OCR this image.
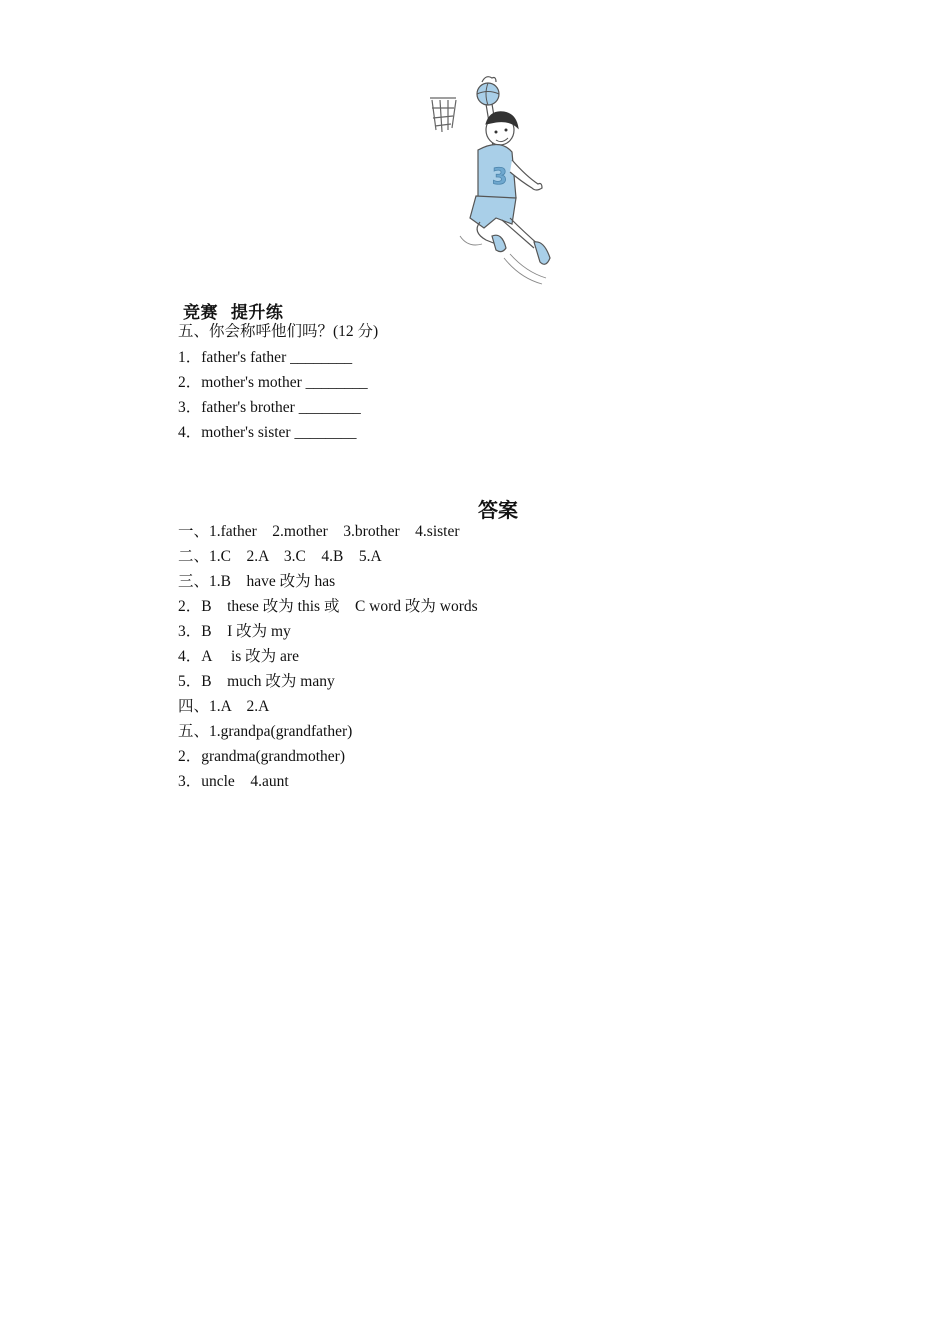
3
竞赛  提升练
五、你会称呼他们吗？(12 分)
1．father's father ________
2．mother's mother ________
3．father's brother ________
4．mother's sister ________
答案
一、1.father　2.mother　3.brother　4.sister
二、1.C　2.A　3.C　4.B　5.A
三、1.B　have 改为 has
2．B　these 改为 this 或　C word 改为 words
3．B　I 改为 my
4．A　 is 改为 are
5．B　much 改为 many
四、1.A　2.A
五、1.grandpa(grandfather)
2．grandma(grandmother)
3．uncle　4.aunt
